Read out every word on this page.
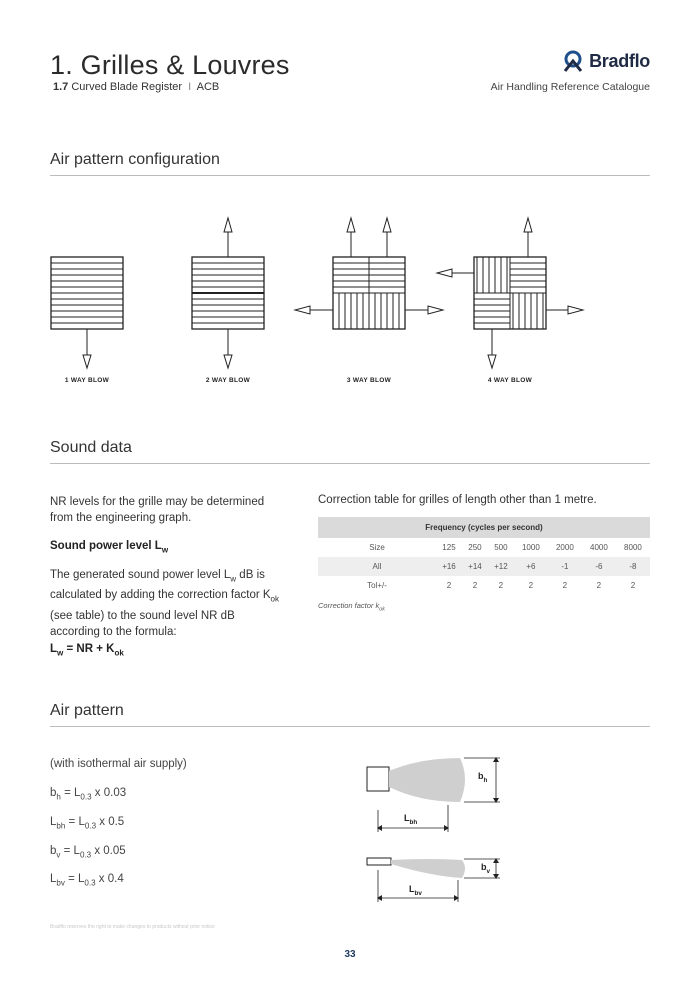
1. Grilles & Louvres
1.7 Curved Blade Register I ACB
Bradflo
Air Handling Reference Catalogue
Air pattern configuration
1 WAY BLOW	2 WAY BLOW	3 WAY BLOW	4 WAY BLOW
Sound data
NR levels for the grille may be determined from the engineering graph.
Sound power level $L_w$
The generated sound power level $L_w$ dB is calculated by adding the correction factor $K_{ok}$ (see table) to the sound level NR dB according to the formula:
$L_w$ = NR + $K_{ok}$
Correction table for grilles of length other than 1 metre.
Frequency (cycles per second)							
Size	125	250	500	1000	2000	4000	8000
All	+16	+14	+12	+6	-1	-6	-8
Tol+/-	2	2	2	2	2	2	2
Correction factor $k_{ok}$
Air pattern
(with isothermal air supply)
$b_h = L_{0.3}$ x 0.03
$L_{bh} = L_{0.3}$ x 0.5
$b_v = L_{0.3}$ x 0.05
$L_{bv} = L_{0.3}$ x 0.4
$b_h$
$L_{bh}$
$b_v$
$L_{bv}$
Bradflo reserves the right to make changes to products without prior notice
33
